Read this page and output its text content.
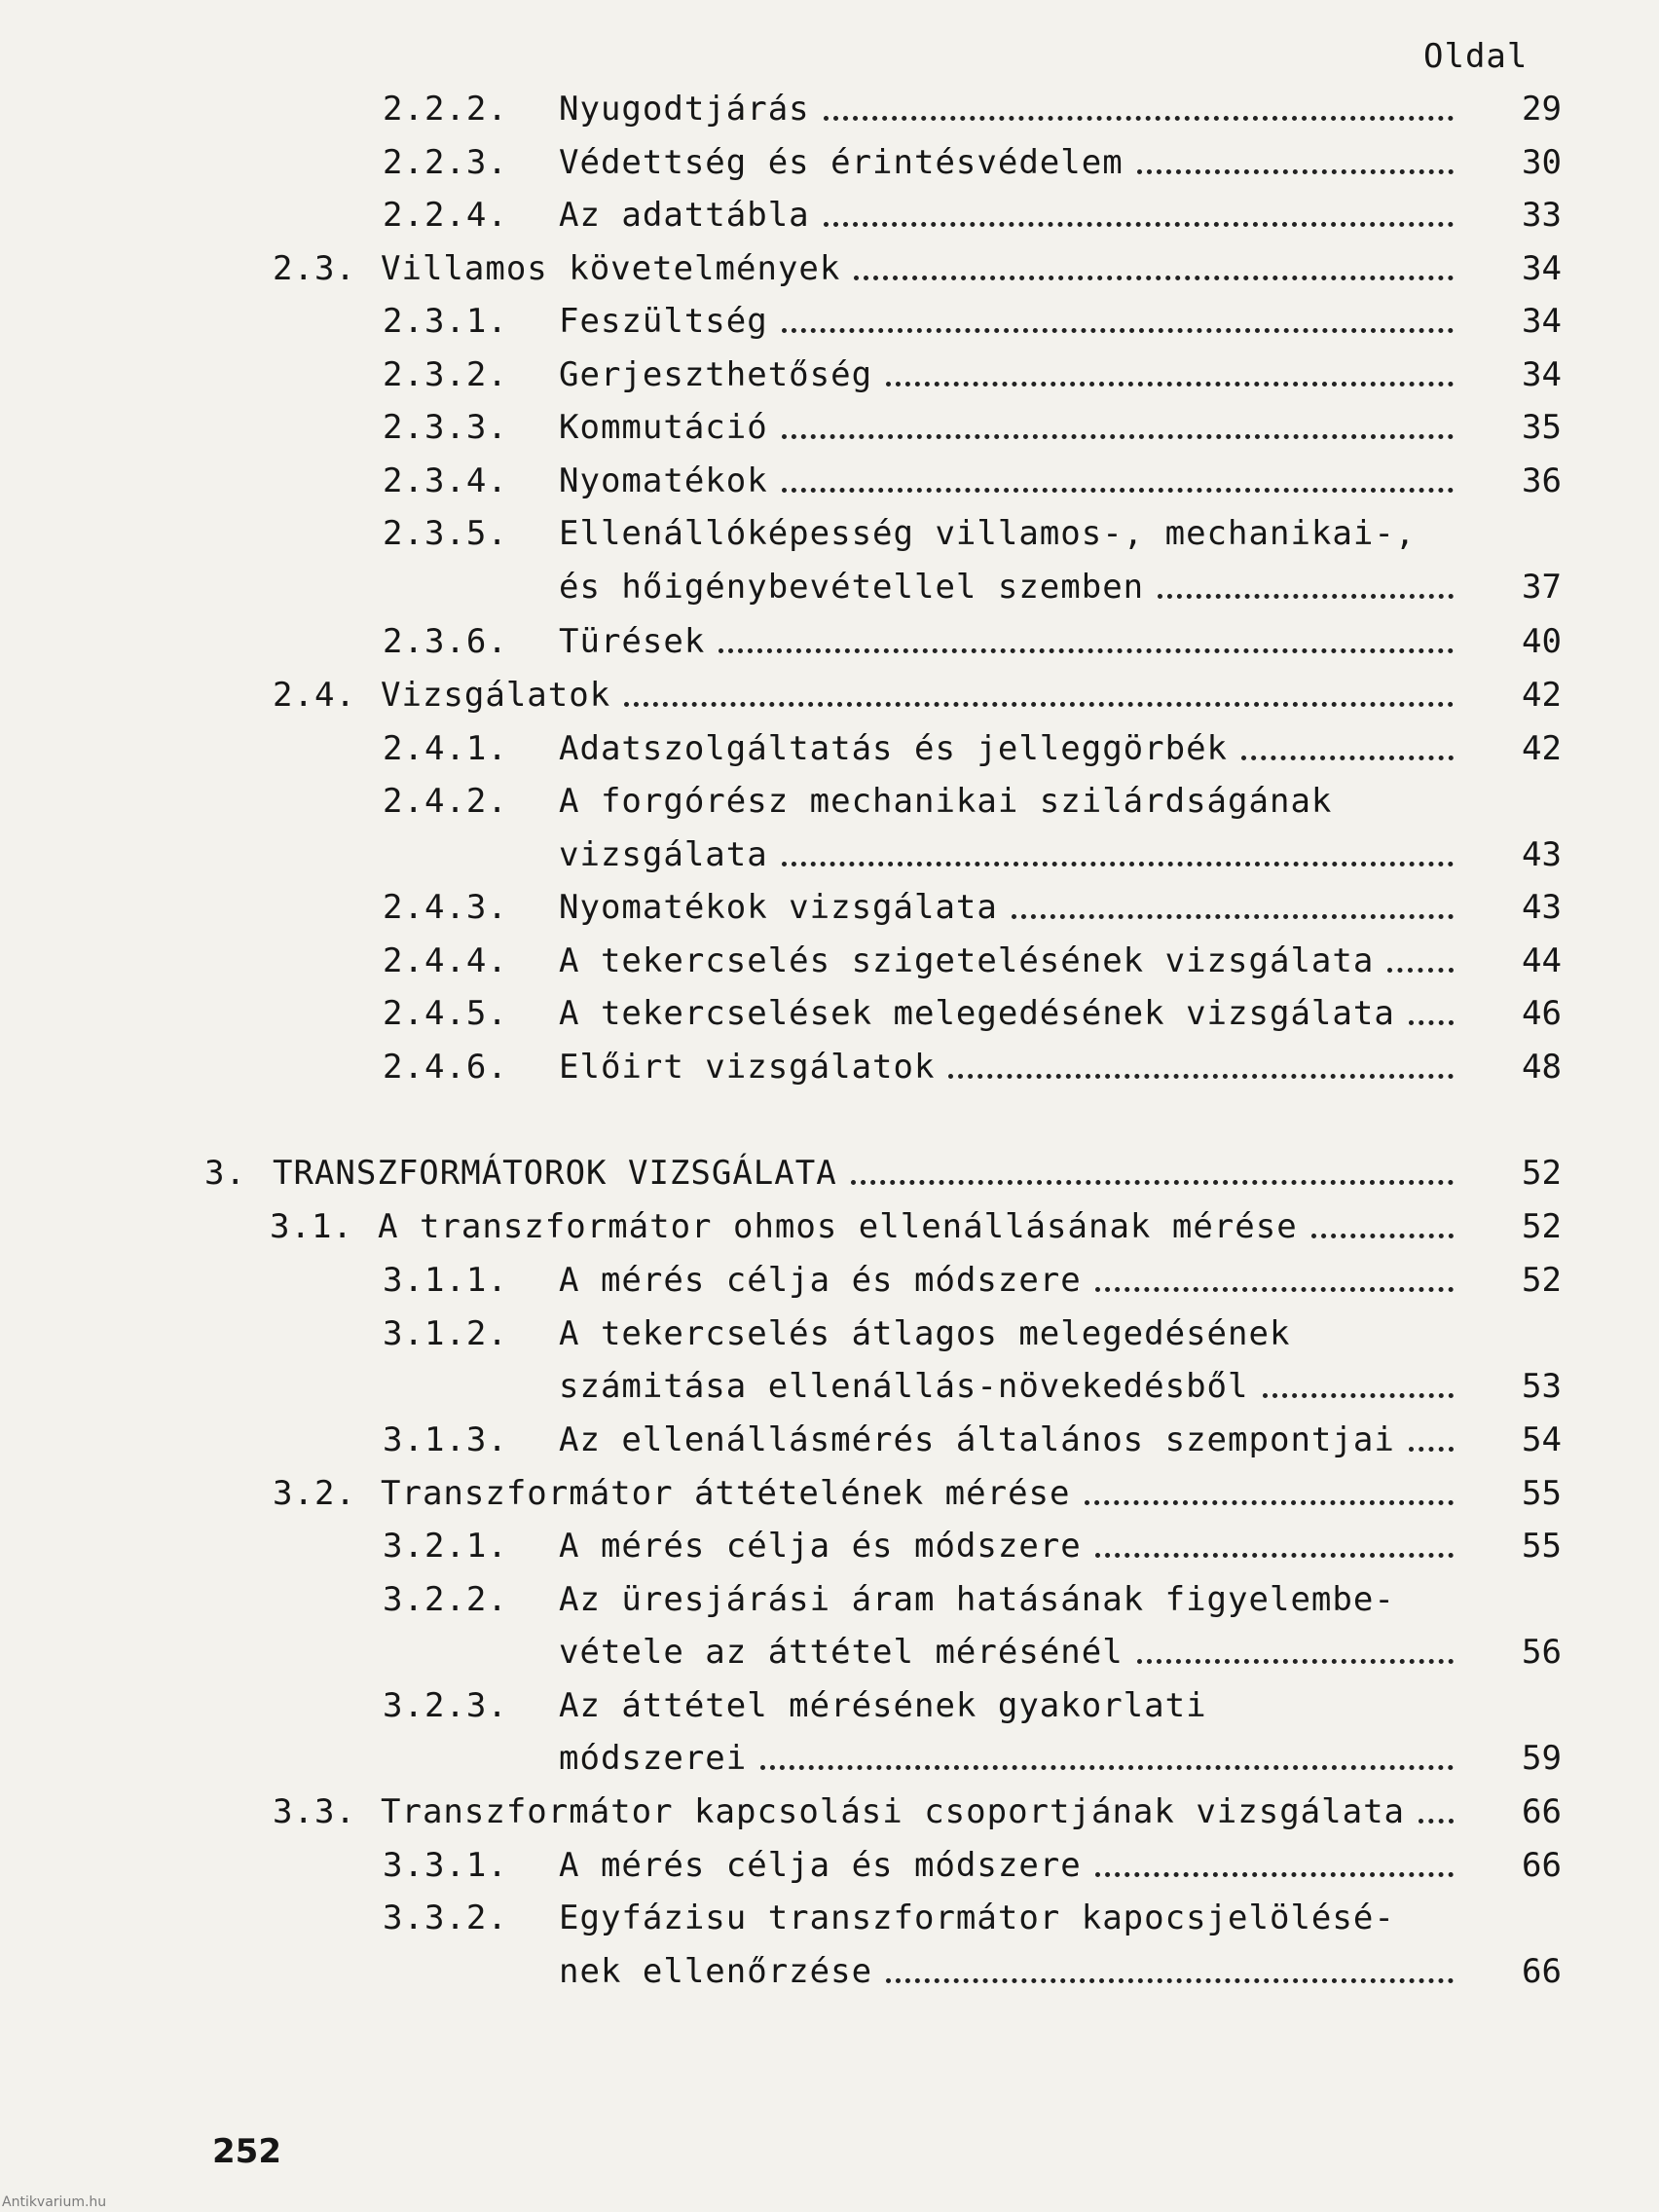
Oldal
2.2.2. Nyugodtjárás	29
2.2.3. Védettség és érintésvédelem	30
2.2.4. Az adattábla	33
2.3. Villamos követelmények	34
2.3.1. Feszültség	34
2.3.2. Gerjeszthetőség	34
2.3.3. Kommutáció	35
2.3.4. Nyomatékok	36
2.3.5. Ellenállóképesség villamos-, mechanikai-,
és hőigénybevétellel szemben	37
2.3.6. Türések	40
2.4. Vizsgálatok	42
2.4.1. Adatszolgáltatás és jelleggörbék	42
2.4.2. A forgórész mechanikai szilárdságának
vizsgálata	43
2.4.3. Nyomatékok vizsgálata	43
2.4.4. A tekercselés szigetelésének vizsgálata	44
2.4.5. A tekercselések melegedésének vizsgálata	46
2.4.6. Előirt vizsgálatok	48
3. TRANSZFORMÁTOROK VIZSGÁLATA	52
3.1. A transzformátor ohmos ellenállásának mérése	52
3.1.1. A mérés célja és módszere	52
3.1.2. A tekercselés átlagos melegedésének
számitása ellenállás-növekedésből	53
3.1.3. Az ellenállásmérés általános szempontjai	54
3.2. Transzformátor áttételének mérése	55
3.2.1. A mérés célja és módszere	55
3.2.2. Az üresjárási áram hatásának figyelembe-
vétele az áttétel mérésénél	56
3.2.3. Az áttétel mérésének gyakorlati
módszerei	59
3.3. Transzformátor kapcsolási csoportjának vizsgálata	66
3.3.1. A mérés célja és módszere	66
3.3.2. Egyfázisu transzformátor kapocsjelölésé-
nek ellenőrzése	66
252
Antikvarium.hu
